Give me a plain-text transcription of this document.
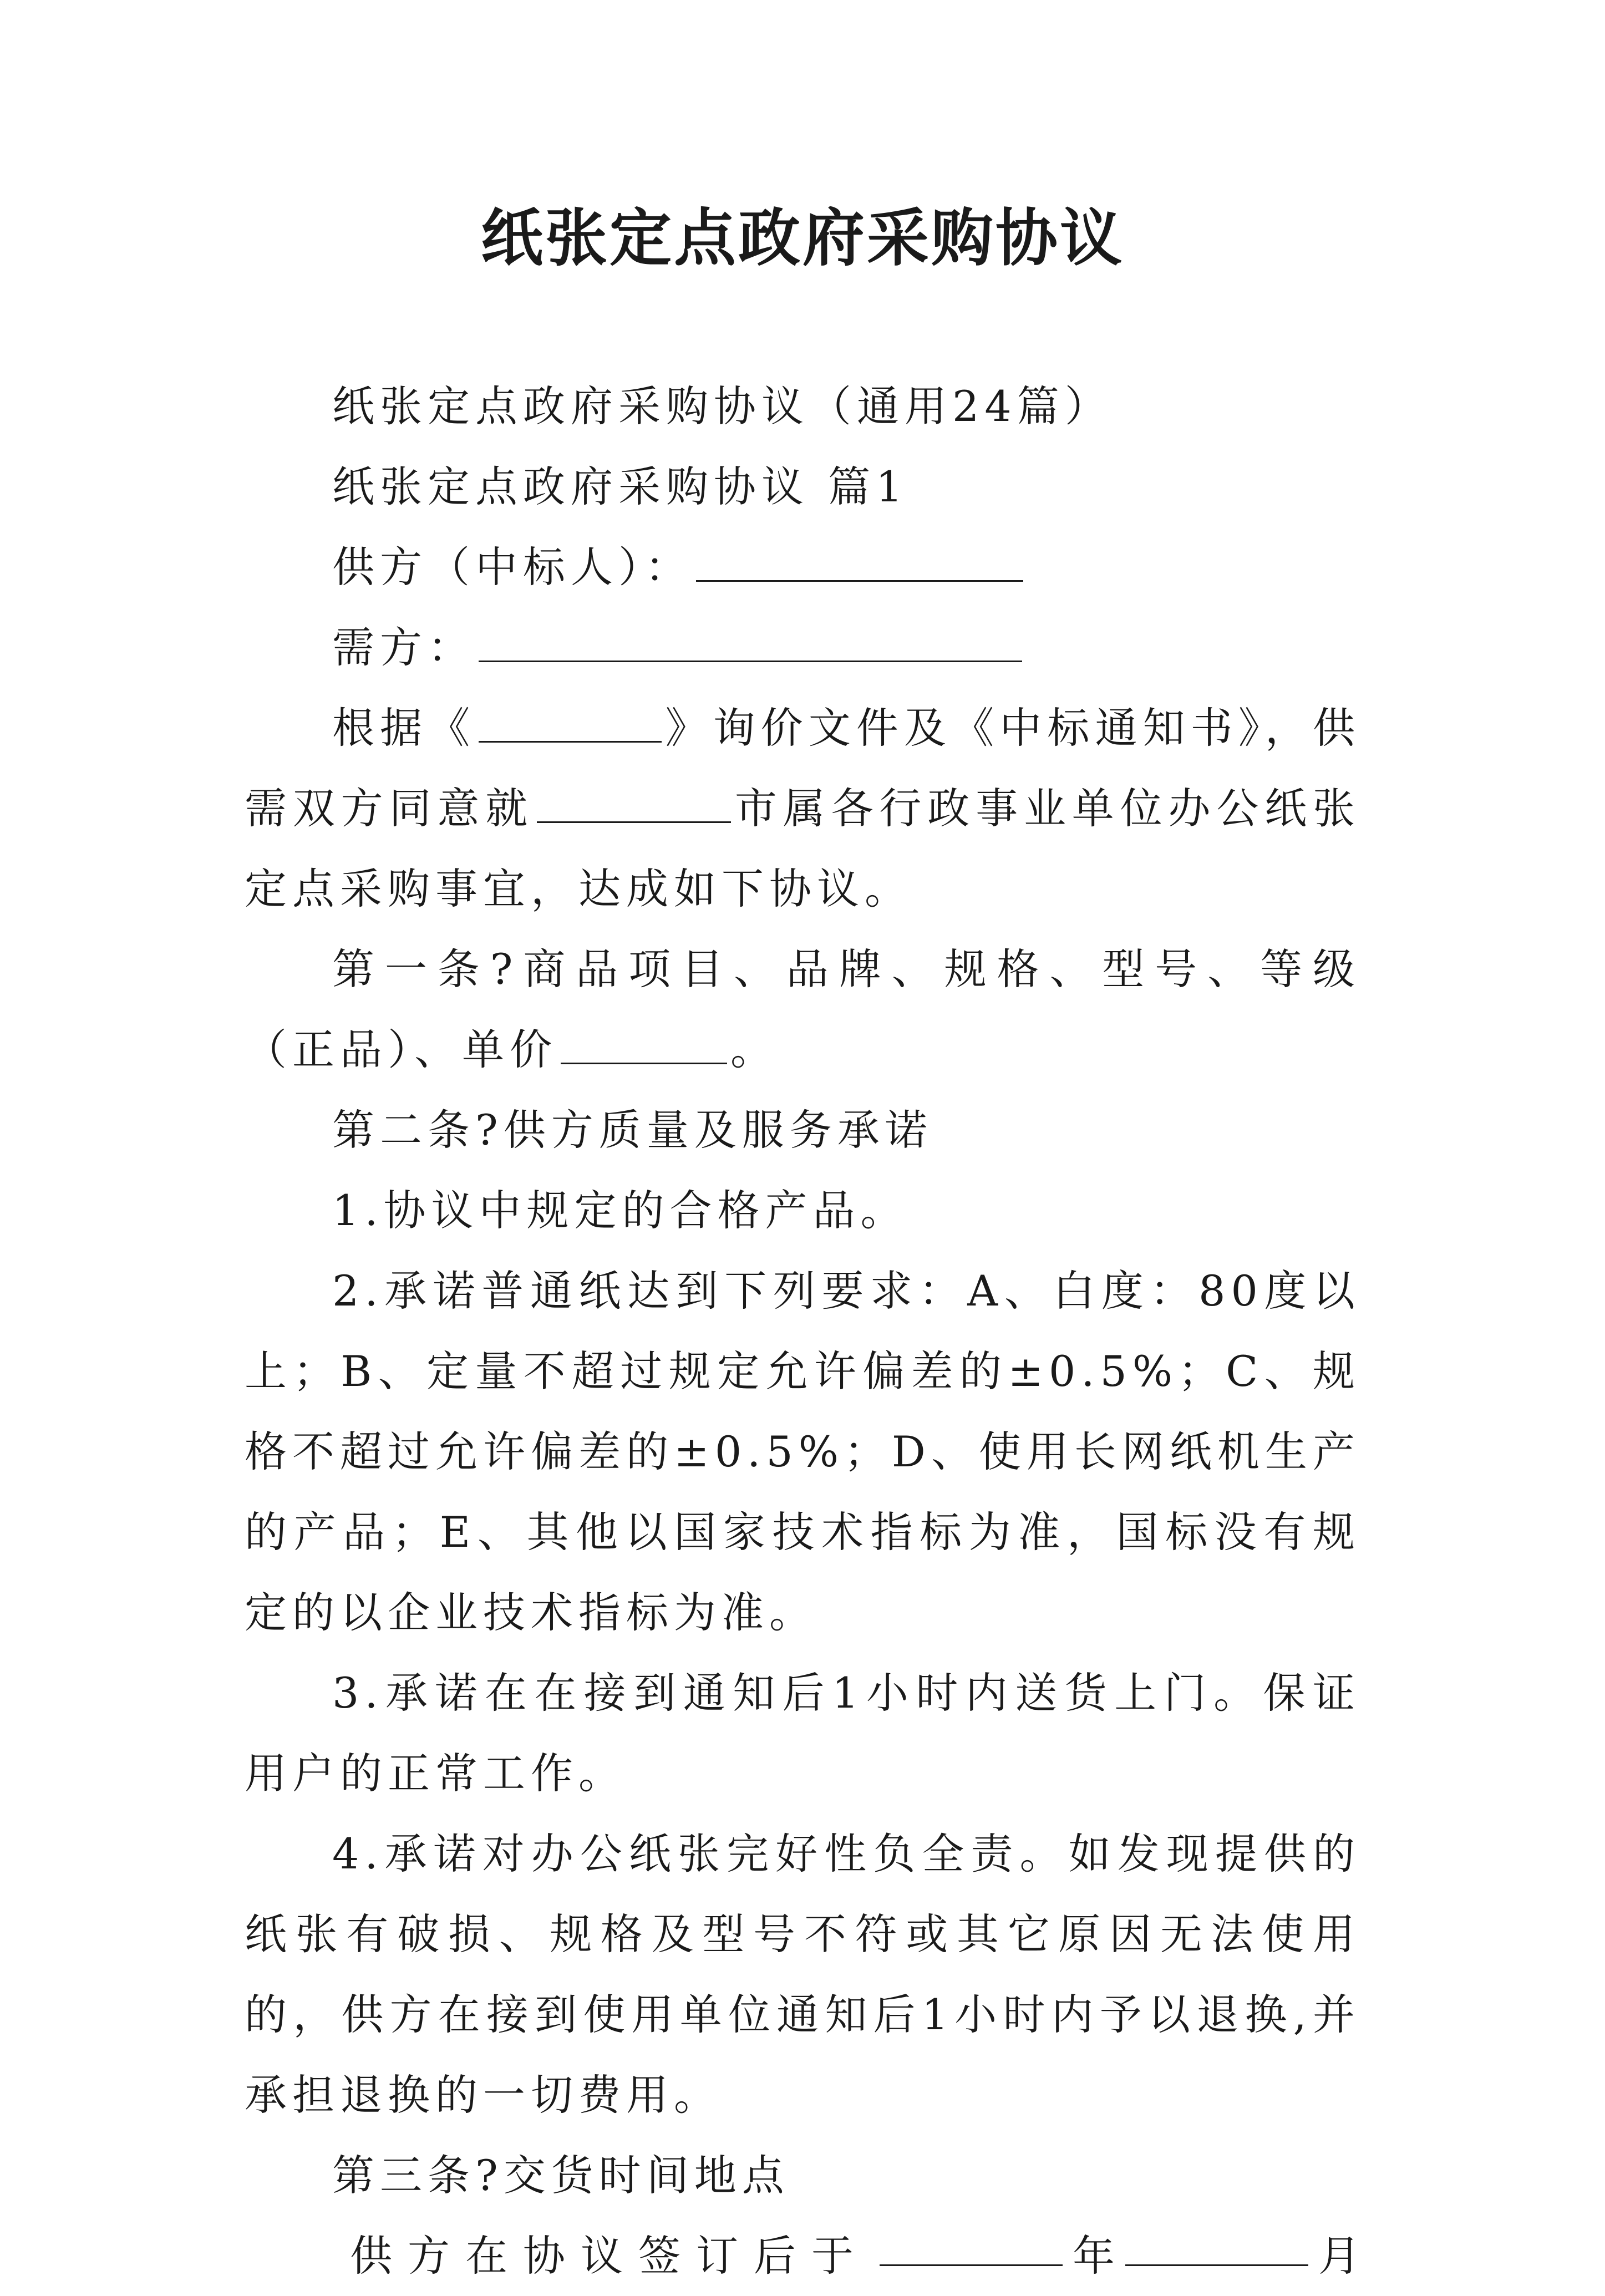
纸张定点政府采购协议

纸张定点政府采购协议（通用24篇）

纸张定点政府采购协议 篇1

供方（中标人）：

需方：

根据《	》询价文件及《中标通知书》，供需双方同意就	市属各行政事业单位办公纸张定点采购事宜，达成如下协议。

第一条?商品项目、品牌、规格、型号、等级（正品）、单价	。

第二条?供方质量及服务承诺

1.协议中规定的合格产品。

2.承诺普通纸达到下列要求：A、白度：80度以上；B、定量不超过规定允许偏差的±0.5%；C、规格不超过允许偏差的±0.5%；D、使用长网纸机生产的产品；E、其他以国家技术指标为准，国标没有规定的以企业技术指标为准。

3.承诺在在接到通知后1小时内送货上门。保证用户的正常工作。

4.承诺对办公纸张完好性负全责。如发现提供的纸张有破损、规格及型号不符或其它原因无法使用的，供方在接到使用单位通知后1小时内予以退换,并承担退换的一切费用。

第三条?交货时间地点

供方在协议签订后于	年	月
